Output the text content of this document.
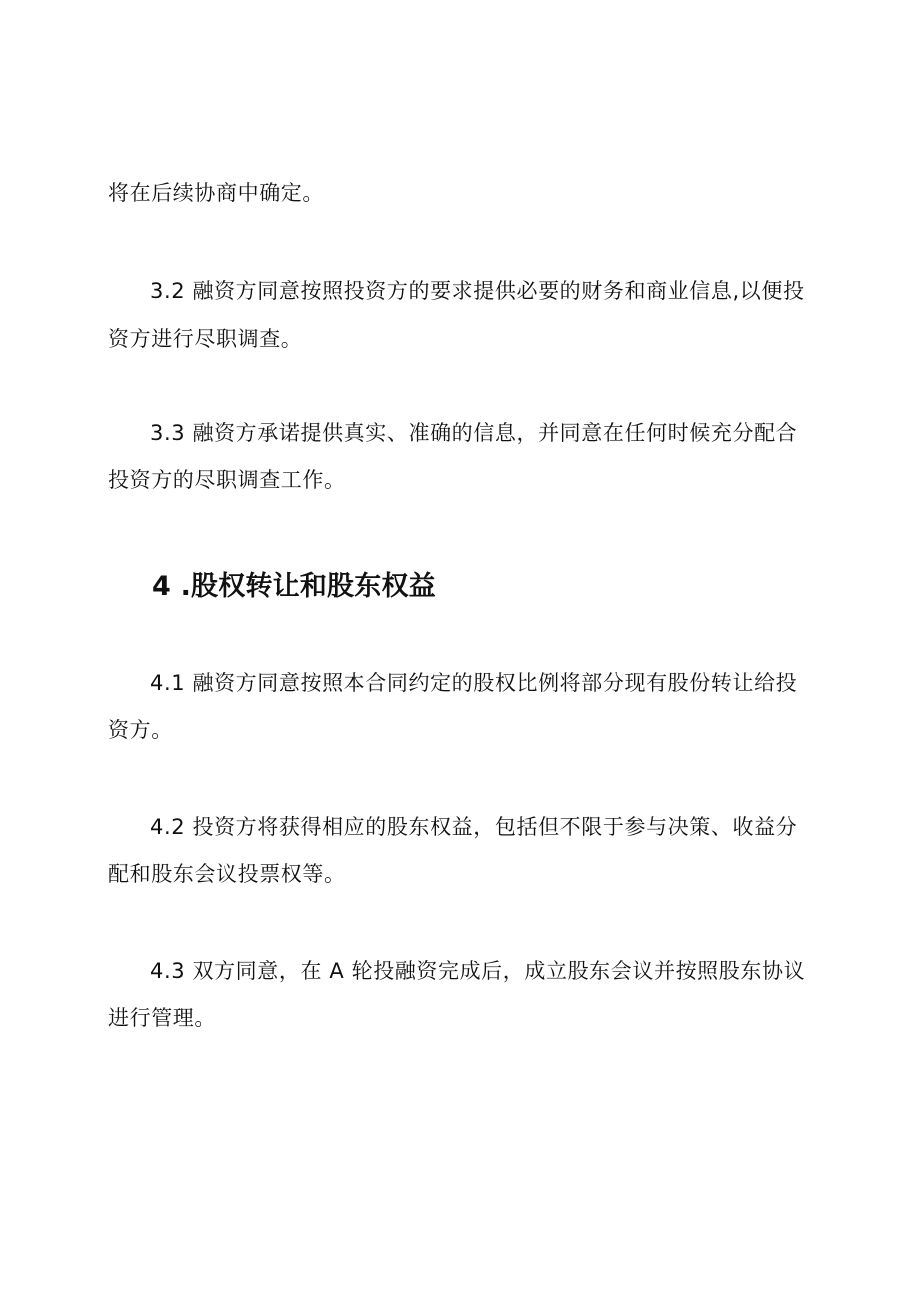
将在后续协商中确定。

3.2 融资方同意按照投资方的要求提供必要的财务和商业信息,以便投

资方进行尽职调查。

3.3 融资方承诺提供真实、准确的信息，并同意在任何时候充分配合

投资方的尽职调查工作。

4 .股权转让和股东权益

4.1 融资方同意按照本合同约定的股权比例将部分现有股份转让给投

资方。

4.2 投资方将获得相应的股东权益，包括但不限于参与决策、收益分

配和股东会议投票权等。

4.3 双方同意，在 A 轮投融资完成后，成立股东会议并按照股东协议

进行管理。
